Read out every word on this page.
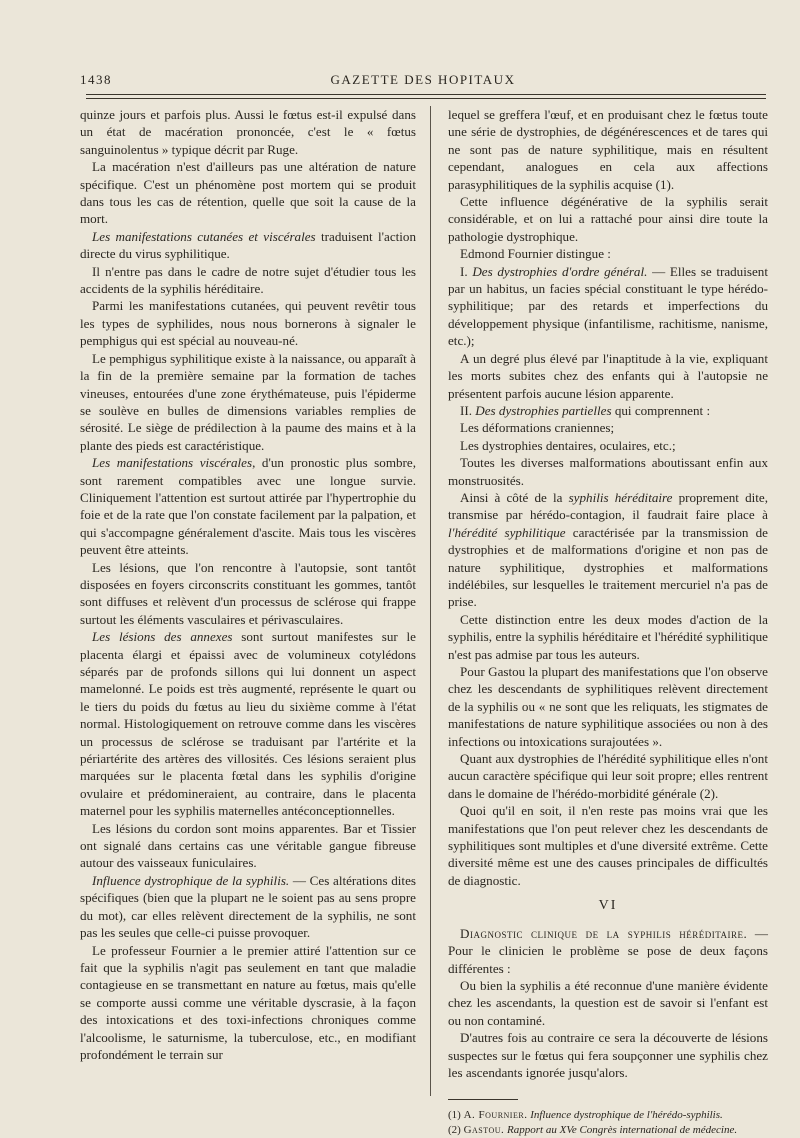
1438	GAZETTE DES HOPITAUX

quinze jours et parfois plus. Aussi le fœtus est-il expulsé dans un état de macération prononcée, c'est le « fœtus sanguinolentus » typique décrit par Ruge.

La macération n'est d'ailleurs pas une altération de nature spécifique. C'est un phénomène post mortem qui se produit dans tous les cas de rétention, quelle que soit la cause de la mort.

Les manifestations cutanées et viscérales traduisent l'action directe du virus syphilitique.

Il n'entre pas dans le cadre de notre sujet d'étudier tous les accidents de la syphilis héréditaire.

Parmi les manifestations cutanées, qui peuvent revêtir tous les types de syphilides, nous nous bornerons à signaler le pemphigus qui est spécial au nouveau-né.

Le pemphigus syphilitique existe à la naissance, ou apparaît à la fin de la première semaine par la formation de taches vineuses, entourées d'une zone érythémateuse, puis l'épiderme se soulève en bulles de dimensions variables remplies de sérosité. Le siège de prédilection à la paume des mains et à la plante des pieds est caractéristique.

Les manifestations viscérales, d'un pronostic plus sombre, sont rarement compatibles avec une longue survie. Cliniquement l'attention est surtout attirée par l'hypertrophie du foie et de la rate que l'on constate facilement par la palpation, et qui s'accompagne généralement d'ascite. Mais tous les viscères peuvent être atteints.

Les lésions, que l'on rencontre à l'autopsie, sont tantôt disposées en foyers circonscrits constituant les gommes, tantôt sont diffuses et relèvent d'un processus de sclérose qui frappe surtout les éléments vasculaires et périvasculaires.

Les lésions des annexes sont surtout manifestes sur le placenta élargi et épaissi avec de volumineux cotylédons séparés par de profonds sillons qui lui donnent un aspect mamelonné. Le poids est très augmenté, représente le quart ou le tiers du poids du fœtus au lieu du sixième comme à l'état normal. Histologiquement on retrouve comme dans les viscères un processus de sclérose se traduisant par l'artérite et la périartérite des artères des villosités. Ces lésions seraient plus marquées sur le placenta fœtal dans les syphilis d'origine ovulaire et prédomineraient, au contraire, dans le placenta maternel pour les syphilis maternelles antéconceptionnelles.

Les lésions du cordon sont moins apparentes. Bar et Tissier ont signalé dans certains cas une véritable gangue fibreuse autour des vaisseaux funiculaires.

Influence dystrophique de la syphilis. — Ces altérations dites spécifiques (bien que la plupart ne le soient pas au sens propre du mot), car elles relèvent directement de la syphilis, ne sont pas les seules que celle-ci puisse provoquer.

Le professeur Fournier a le premier attiré l'attention sur ce fait que la syphilis n'agit pas seulement en tant que maladie contagieuse en se transmettant en nature au fœtus, mais qu'elle se comporte aussi comme une véritable dyscrasie, à la façon des intoxications et des toxi-infections chroniques comme l'alcoolisme, le saturnisme, la tuberculose, etc., en modifiant profondément le terrain sur

lequel se greffera l'œuf, et en produisant chez le fœtus toute une série de dystrophies, de dégénérescences et de tares qui ne sont pas de nature syphilitique, mais en résultent cependant, analogues en cela aux affections parasyphilitiques de la syphilis acquise (1).

Cette influence dégénérative de la syphilis serait considérable, et on lui a rattaché pour ainsi dire toute la pathologie dystrophique.

Edmond Fournier distingue :

I. Des dystrophies d'ordre général. — Elles se traduisent par un habitus, un facies spécial constituant le type hérédo-syphilitique; par des retards et imperfections du développement physique (infantilisme, rachitisme, nanisme, etc.);

A un degré plus élevé par l'inaptitude à la vie, expliquant les morts subites chez des enfants qui à l'autopsie ne présentent parfois aucune lésion apparente.

II. Des dystrophies partielles qui comprennent :

Les déformations craniennes;

Les dystrophies dentaires, oculaires, etc.;

Toutes les diverses malformations aboutissant enfin aux monstruosités.

Ainsi à côté de la syphilis héréditaire proprement dite, transmise par hérédo-contagion, il faudrait faire place à l'hérédité syphilitique caractérisée par la transmission de dystrophies et de malformations d'origine et non pas de nature syphilitique, dystrophies et malformations indélébiles, sur lesquelles le traitement mercuriel n'a pas de prise.

Cette distinction entre les deux modes d'action de la syphilis, entre la syphilis héréditaire et l'hérédité syphilitique n'est pas admise par tous les auteurs.

Pour Gastou la plupart des manifestations que l'on observe chez les descendants de syphilitiques relèvent directement de la syphilis ou « ne sont que les reliquats, les stigmates de manifestations de nature syphilitique associées ou non à des infections ou intoxications surajoutées ».

Quant aux dystrophies de l'hérédité syphilitique elles n'ont aucun caractère spécifique qui leur soit propre; elles rentrent dans le domaine de l'hérédo-morbidité générale (2).

Quoi qu'il en soit, il n'en reste pas moins vrai que les manifestations que l'on peut relever chez les descendants de syphilitiques sont multiples et d'une diversité extrême. Cette diversité même est une des causes principales de difficultés de diagnostic.

VI

Diagnostic clinique de la syphilis héréditaire. — Pour le clinicien le problème se pose de deux façons différentes :

Ou bien la syphilis a été reconnue d'une manière évidente chez les ascendants, la question est de savoir si l'enfant est ou non contaminé.

D'autres fois au contraire ce sera la découverte de lésions suspectes sur le fœtus qui fera soupçonner une syphilis chez les ascendants ignorée jusqu'alors.

(1) A. Fournier. Influence dystrophique de l'hérédo-syphilis.

(2) Gastou. Rapport au XVe Congrès international de médecine.
